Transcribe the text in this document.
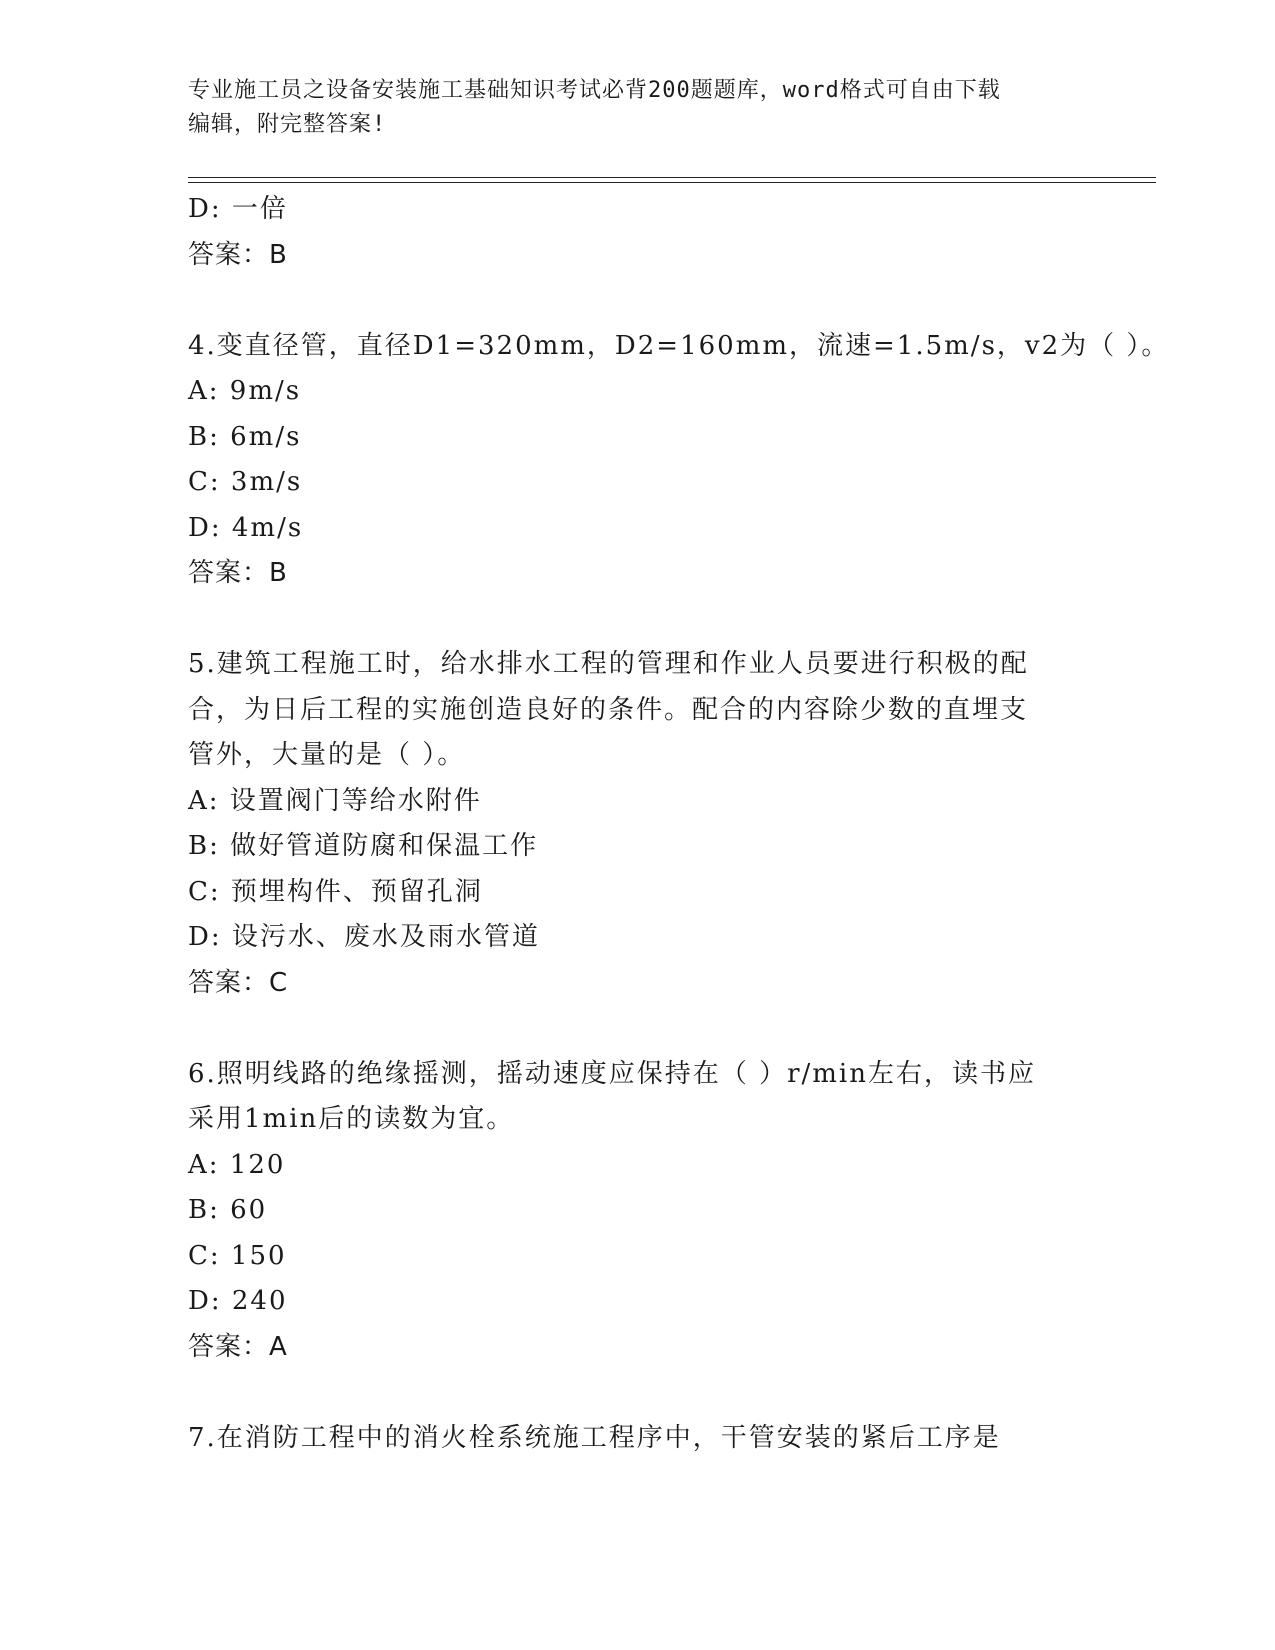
专业施工员之设备安装施工基础知识考试必背200题题库，word格式可自由下载
编辑，附完整答案!
D: 一倍
答案：B
4.变直径管，直径D1=320mm，D2=160mm，流速=1.5m/s，v2为（ ）。
A: 9m/s
B: 6m/s
C: 3m/s
D: 4m/s
答案：B
5.建筑工程施工时，给水排水工程的管理和作业人员要进行积极的配
合，为日后工程的实施创造良好的条件。配合的内容除少数的直埋支
管外，大量的是（ ）。
A: 设置阀门等给水附件
B: 做好管道防腐和保温工作
C: 预埋构件、预留孔洞
D: 设污水、废水及雨水管道
答案：C
6.照明线路的绝缘摇测，摇动速度应保持在（ ）r/min左右，读书应
采用1min后的读数为宜。
A: 120
B: 60
C: 150
D: 240
答案：A
7.在消防工程中的消火栓系统施工程序中，干管安装的紧后工序是
